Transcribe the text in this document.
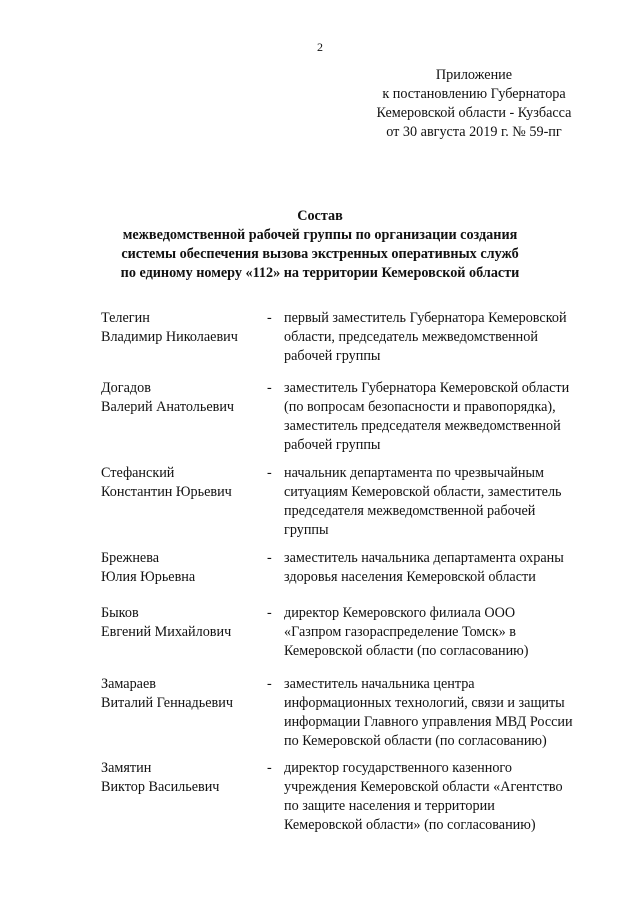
2
Приложение
к постановлению Губернатора
Кемеровской области - Кузбасса
от 30 августа 2019 г. № 59-пг
Состав
межведомственной рабочей группы по организации создания
системы обеспечения вызова экстренных оперативных служб
по единому номеру «112» на территории Кемеровской области
Телегин
Владимир Николаевич
- первый заместитель Губернатора Кемеровской
области, председатель межведомственной
рабочей группы
Догадов
Валерий Анатольевич
- заместитель Губернатора Кемеровской области
(по вопросам безопасности и правопорядка),
заместитель председателя межведомственной
рабочей группы
Стефанский
Константин Юрьевич
- начальник департамента по чрезвычайным
ситуациям Кемеровской области, заместитель
председателя межведомственной рабочей
группы
Брежнева
Юлия Юрьевна
- заместитель начальника департамента охраны
здоровья населения Кемеровской области
Быков
Евгений Михайлович
- директор Кемеровского филиала ООО
«Газпром газораспределение Томск» в
Кемеровской области (по согласованию)
Замараев
Виталий Геннадьевич
- заместитель начальника центра
информационных технологий, связи и защиты
информации Главного управления МВД России
по Кемеровской области (по согласованию)
Замятин
Виктор Васильевич
- директор государственного казенного
учреждения Кемеровской области «Агентство
по защите населения и территории
Кемеровской области» (по согласованию)
